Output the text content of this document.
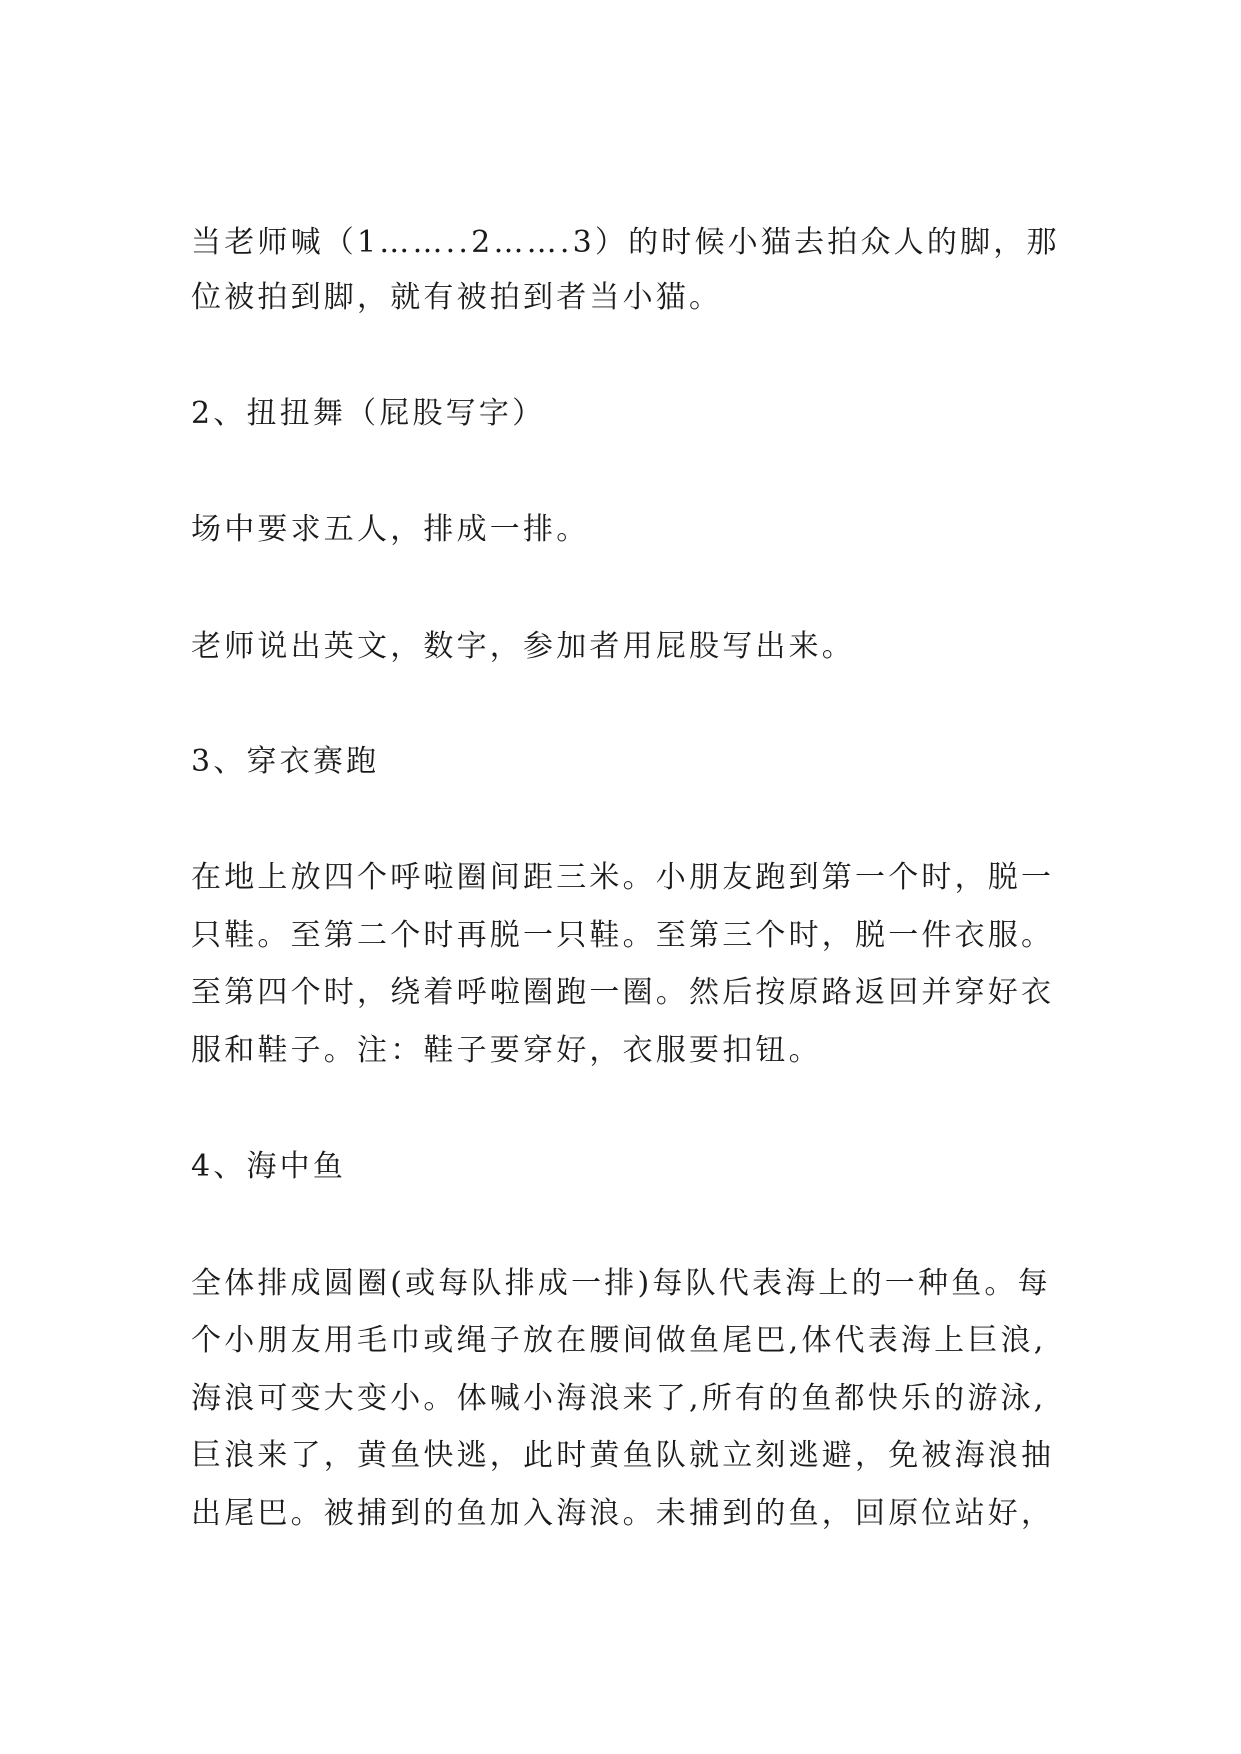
当老师喊（1……..2…….3）的时候小猫去拍众人的脚，那
位被拍到脚，就有被拍到者当小猫。
2、扭扭舞（屁股写字）
场中要求五人，排成一排。
老师说出英文，数字，参加者用屁股写出来。
3、穿衣赛跑
在地上放四个呼啦圈间距三米。小朋友跑到第一个时，脱一
只鞋。至第二个时再脱一只鞋。至第三个时，脱一件衣服。
至第四个时，绕着呼啦圈跑一圈。然后按原路返回并穿好衣
服和鞋子。注：鞋子要穿好，衣服要扣钮。
4、海中鱼
全体排成圆圈(或每队排成一排)每队代表海上的一种鱼。每
个小朋友用毛巾或绳子放在腰间做鱼尾巴,体代表海上巨浪,
海浪可变大变小。体喊小海浪来了,所有的鱼都快乐的游泳,
巨浪来了，黄鱼快逃，此时黄鱼队就立刻逃避，免被海浪抽
出尾巴。被捕到的鱼加入海浪。未捕到的鱼，回原位站好，
